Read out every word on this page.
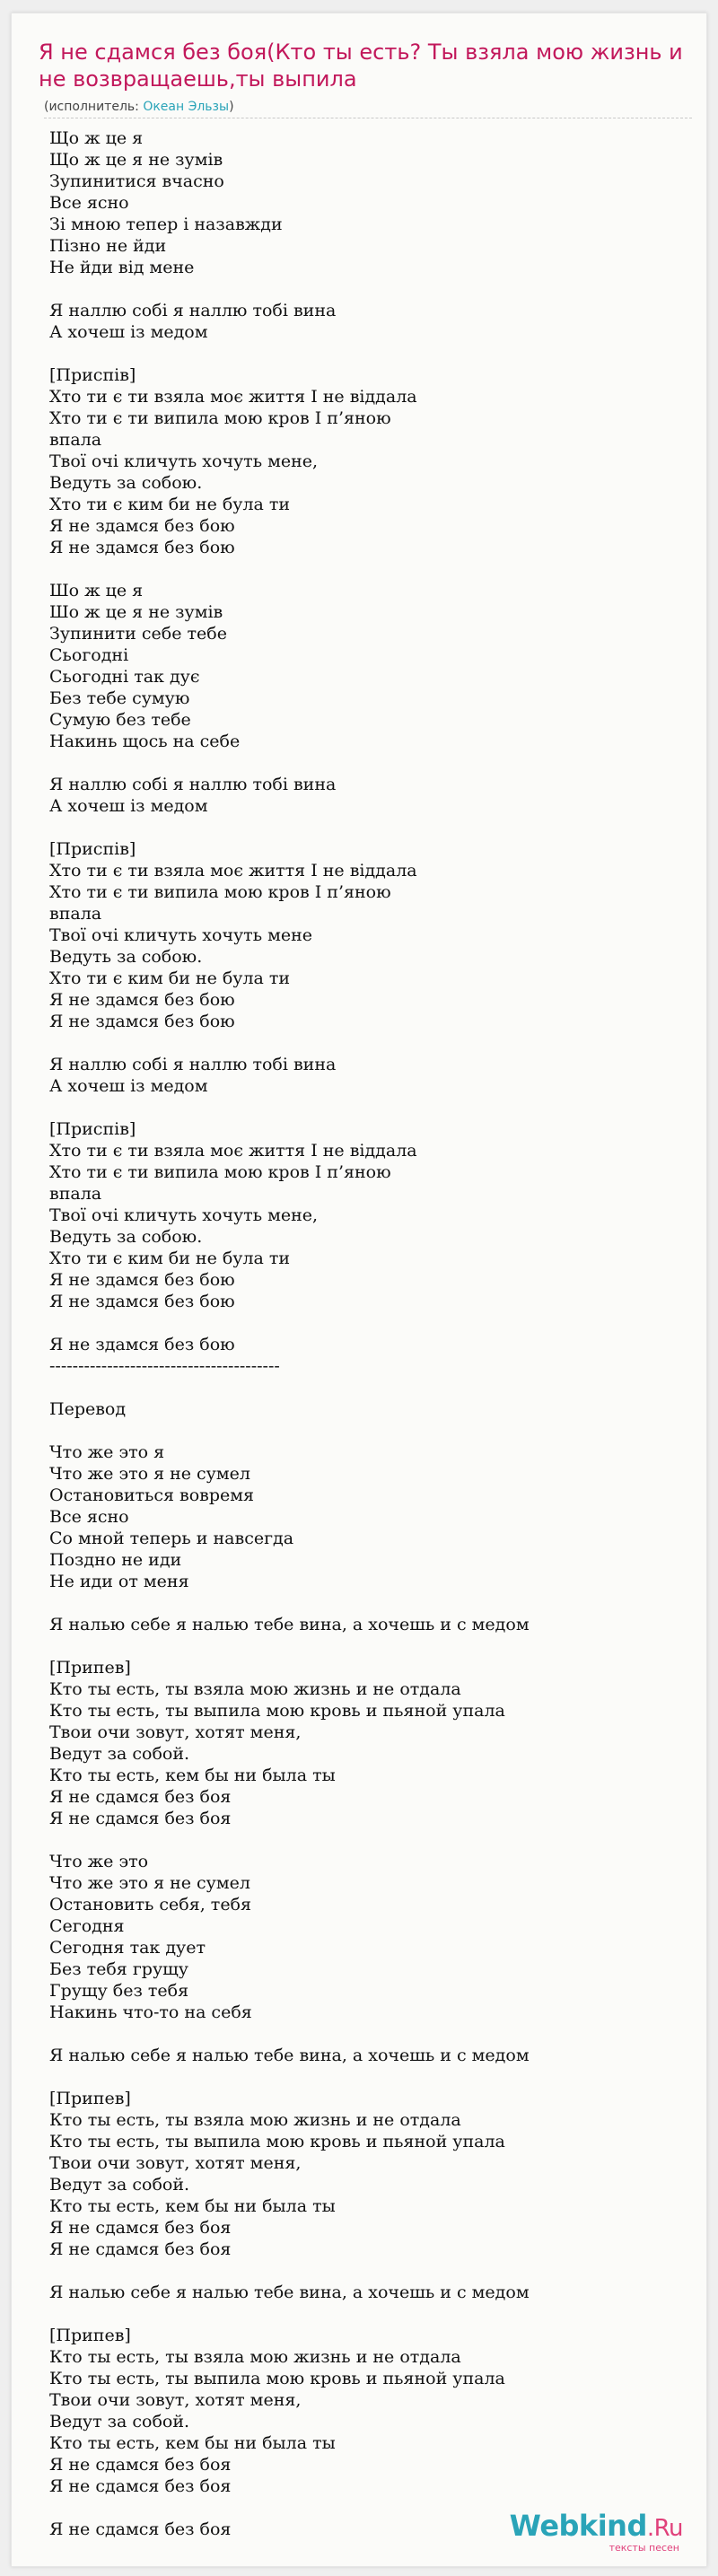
Я не сдамся без боя(Кто ты есть? Ты взяла мою жизнь и не возвращаешь,ты выпила
(исполнитель: Океан Эльзы)
Що ж це я
Що ж це я не зумів
Зупинитися вчасно
Все ясно
Зі мною тепер і назавжди
Пізно не йди
Не йди від мене

Я наллю собі я наллю тобі вина
А хочеш із медом

[Приспів]
Хто ти є ти взяла моє життя І не віддала
Хто ти є ти випила мою кров І п’яною
впала
Твої очі кличуть хочуть мене,
Ведуть за собою.
Хто ти є ким би не була ти
Я не здамся без бою
Я не здамся без бою

Шо ж це я
Шо ж це я не зумів
Зупинити себе тебе
Сьогодні
Сьогодні так дує
Без тебе сумую
Сумую без тебе
Накинь щось на себе

Я наллю собі я наллю тобі вина
А хочеш із медом

[Приспів]
Хто ти є ти взяла моє життя І не віддала
Хто ти є ти випила мою кров І п’яною
впала
Твої очі кличуть хочуть мене
Ведуть за собою.
Хто ти є ким би не була ти
Я не здамся без бою
Я не здамся без бою

Я наллю собі я наллю тобі вина
А хочеш із медом

[Приспів]
Хто ти є ти взяла моє життя І не віддала
Хто ти є ти випила мою кров І п’яною
впала
Твої очі кличуть хочуть мене,
Ведуть за собою.
Хто ти є ким би не була ти
Я не здамся без бою
Я не здамся без бою

Я не здамся без бою
----------------------------------------

Перевод

Что же это я
Что же это я не сумел
Остановиться вовремя
Все ясно
Со мной теперь и навсегда
Поздно не иди
Не иди от меня

Я налью себе я налью тебе вина, а хочешь и с медом

[Припев]
Кто ты есть, ты взяла мою жизнь и не отдала
Кто ты есть, ты выпила мою кровь и пьяной упала
Твои очи зовут, хотят меня,
Ведут за собой.
Кто ты есть, кем бы ни была ты
Я не сдамся без боя
Я не сдамся без боя

Что же это
Что же это я не сумел
Остановить себя, тебя
Сегодня
Сегодня так дует
Без тебя грущу
Грущу без тебя
Накинь что-то на себя

Я налью себе я налью тебе вина, а хочешь и с медом

[Припев]
Кто ты есть, ты взяла мою жизнь и не отдала
Кто ты есть, ты выпила мою кровь и пьяной упала
Твои очи зовут, хотят меня,
Ведут за собой.
Кто ты есть, кем бы ни была ты
Я не сдамся без боя
Я не сдамся без боя

Я налью себе я налью тебе вина, а хочешь и с медом

[Припев]
Кто ты есть, ты взяла мою жизнь и не отдала
Кто ты есть, ты выпила мою кровь и пьяной упала
Твои очи зовут, хотят меня,
Ведут за собой.
Кто ты есть, кем бы ни была ты
Я не сдамся без боя
Я не сдамся без боя

Я не сдамся без боя	Webkind.Ru
тексты песен
